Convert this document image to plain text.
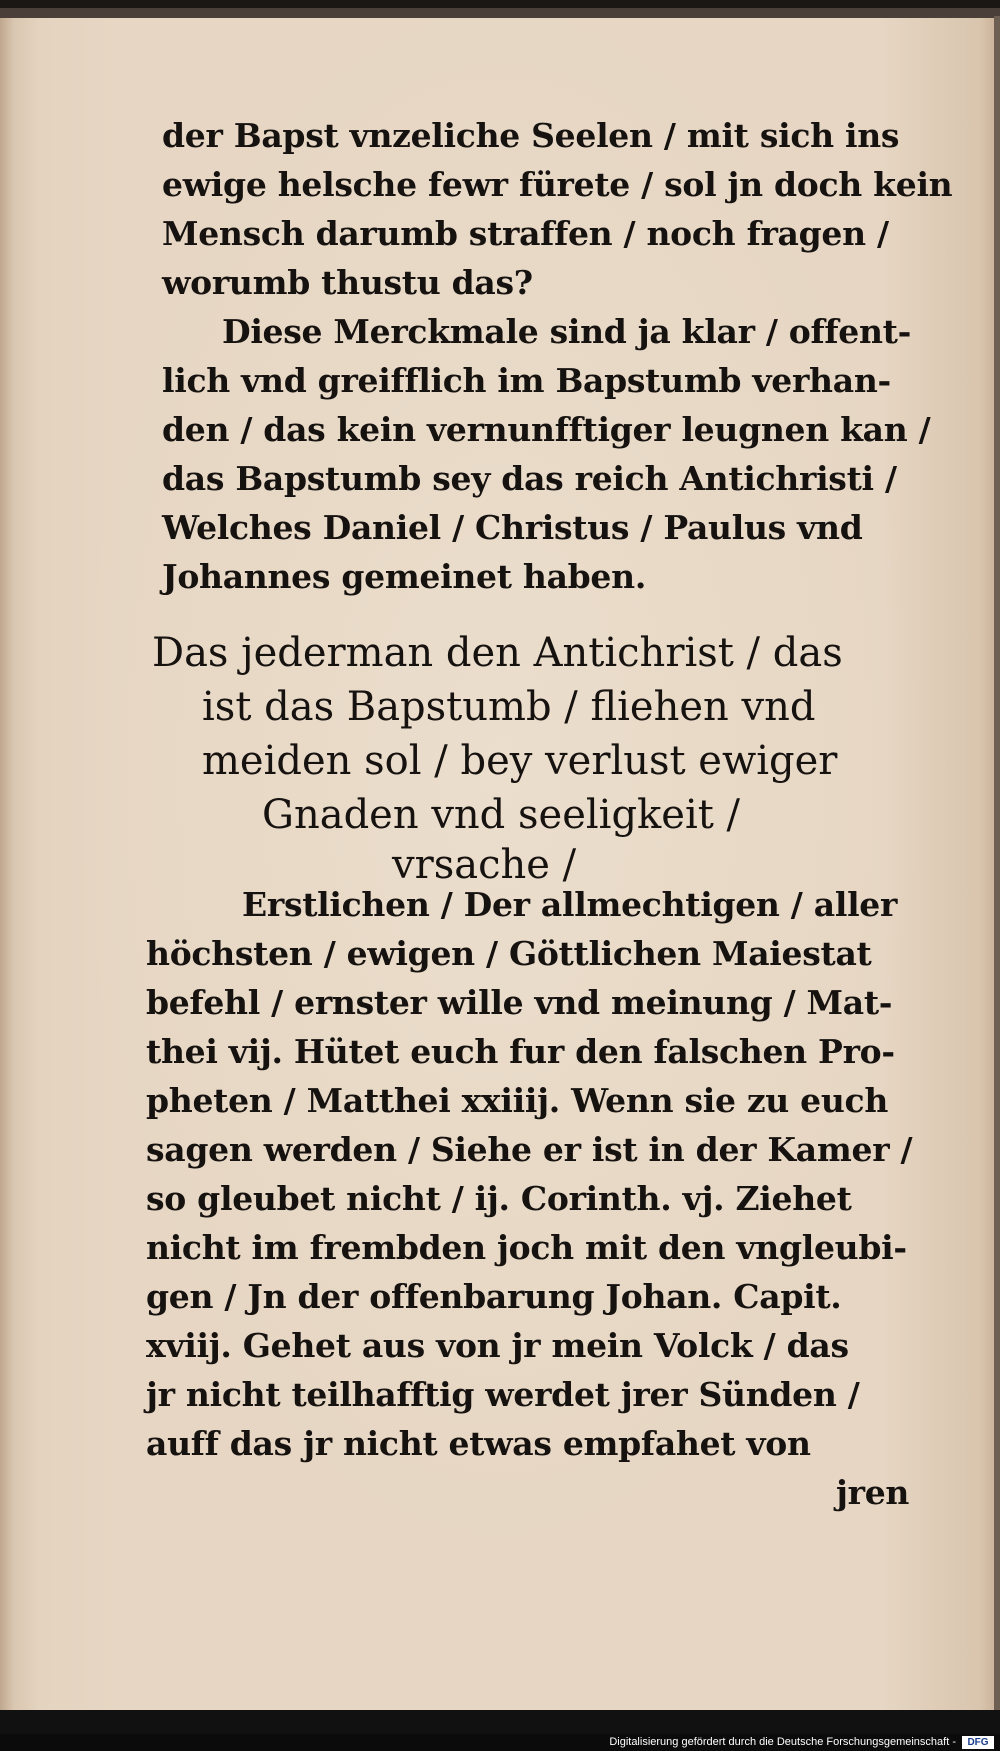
der Bapst vnzeliche Seelen / mit sich ins
ewige helsche fewr fürete / sol jn doch kein
Mensch darumb straffen / noch fragen /
worumb thustu das?
Diese Merckmale sind ja klar / offent-
lich vnd greifflich im Bapstumb verhan-
den / das kein vernunfftiger leugnen kan /
das Bapstumb sey das reich Antichristi /
Welches Daniel / Christus / Paulus vnd
Johannes gemeinet haben.
Das jederman den Antichrist / das
ist das Bapstumb / fliehen vnd
meiden sol / bey verlust ewiger
Gnaden vnd seeligkeit /
vrsache /
Erstlichen / Der allmechtigen / aller
höchsten / ewigen / Göttlichen Maiestat
befehl / ernster wille vnd meinung / Mat-
thei vij. Hütet euch fur den falschen Pro-
pheten / Matthei xxiiij. Wenn sie zu euch
sagen werden / Siehe er ist in der Kamer /
so gleubet nicht / ij. Corinth. vj. Ziehet
nicht im frembden joch mit den vngleubi-
gen / Jn der offenbarung Johan. Capit.
xviij. Gehet aus von jr mein Volck / das
jr nicht teilhafftig werdet jrer Sünden /
auff das jr nicht etwas empfahet von
jren
Digitalisierung gefördert durch die Deutsche Forschungsgemeinschaft -	DFG
